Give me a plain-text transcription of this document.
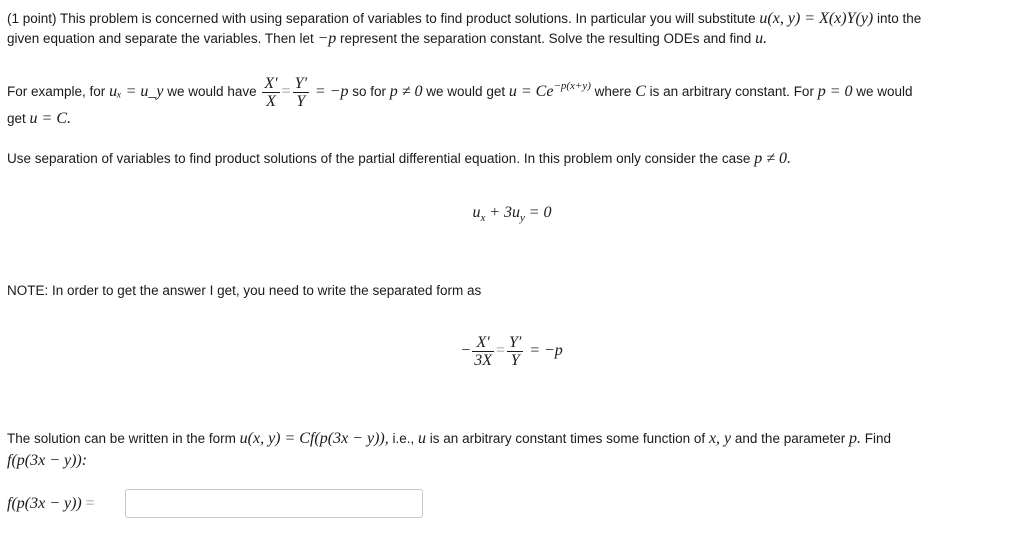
(1 point) This problem is concerned with using separation of variables to find product solutions. In particular you will substitute u(x, y) = X(x)Y(y) into the
given equation and separate the variables. Then let −p represent the separation constant. Solve the resulting ODEs and find u.
For example, for uₓ = u_y we would have $\frac{X'}{X} = \frac{Y'}{Y} = -p$ so for p ≠ 0 we would get $u = Ce^{-p(x+y)}$ where C is an arbitrary constant. For p = 0 we would
get u = C.
Use separation of variables to find product solutions of the partial differential equation. In this problem only consider the case p ≠ 0.
$u_x + 3u_y = 0$
NOTE: In order to get the answer I get, you need to write the separated form as
− $\frac{X'}{3X} = \frac{Y'}{Y} = -p$
The solution can be written in the form u(x, y) = Cf(p(3x − y)), i.e., u is an arbitrary constant times some function of x, y and the parameter p. Find
f(p(3x − y)):
f(p(3x − y)) =
